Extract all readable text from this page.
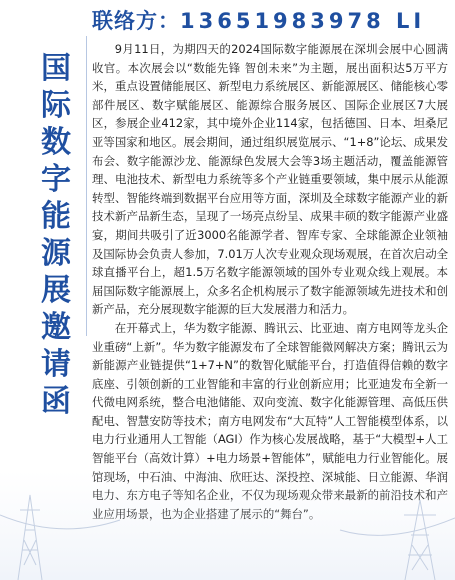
联络方：13651983978 LI
国
际
数
字
能
源
展
邀
请
函

9月11日，为期四天的2024国际数字能源展在深圳会展中心圆满收官。本次展会以“数能先锋 智创未来”为主题，展出面积达5万平方米，重点设置储能展区、新型电力系统展区、新能源展区、储能核心零部件展区、数字赋能展区、能源综合服务展区、国际企业展区7大展区，参展企业412家，其中境外企业114家，包括德国、日本、坦桑尼亚等国家和地区。展会期间，通过组织展览展示、“1+8”论坛、成果发布会、数字能源沙龙、能源绿色发展大会等3场主题活动，覆盖能源管理、电池技术、新型电力系统等多个产业链重要领域，集中展示从能源转型、智能终端到数据平台应用等方面，深圳及全球数字能源产业的新技术新产品新生态，呈现了一场亮点纷呈、成果丰硕的数字能源产业盛宴，期间共吸引了近3000名能源学者、智库专家、全球能源企业领袖及国际协会负责人参加，7.01万人次专业观众现场观展，在首次启动全球直播平台上，超1.5万名数字能源领域的国外专业观众线上观展。本届国际数字能源展上，众多名企机构展示了数字能源领域先进技术和创新产品，充分展现数字能源的巨大发展潜力和活力。

在开幕式上，华为数字能源、腾讯云、比亚迪、南方电网等龙头企业重磅“上新”。华为数字能源发布了全球智能微网解决方案；腾讯云为新能源产业链提供“1+7+N”的数智化赋能平台，打造值得信赖的数字底座、引领创新的工业智能和丰富的行业创新应用；比亚迪发布全新一代微电网系统，整合电池储能、双向变流、数字化能源管理、高低压供配电、智慧安防等技术；南方电网发布“大瓦特”人工智能模型体系，以电力行业通用人工智能（AGI）作为核心发展战略，基于“大模型+人工智能平台（高效计算）+电力场景+智能体”，赋能电力行业智能化。展馆现场，中石油、中海油、欣旺达、深投控、深城能、日立能源、华润电力、东方电子等知名企业，不仅为现场观众带来最新的前沿技术和产业应用场景，也为企业搭建了展示的“舞台”。
